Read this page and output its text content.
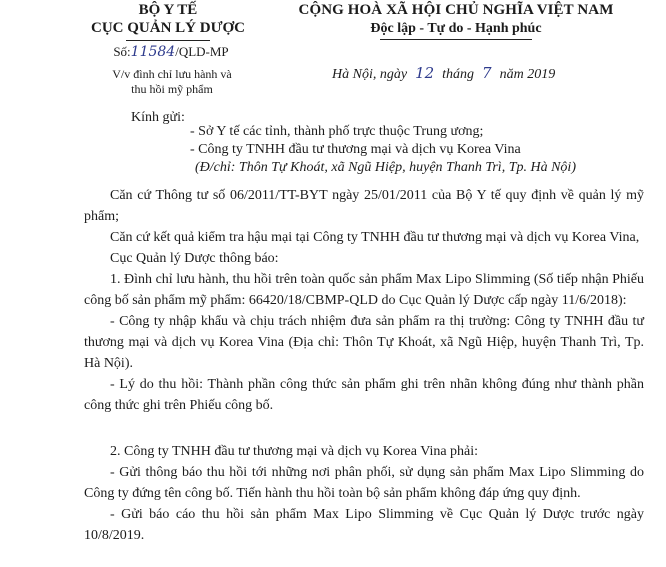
BỘ Y TẾ
CỤC QUẢN LÝ DƯỢC
Số:11584/QLD-MP
V/v đình chỉ lưu hành và
thu hồi mỹ phẩm
CỘNG HOÀ XÃ HỘI CHỦ NGHĨA VIỆT NAM
Độc lập - Tự do - Hạnh phúc
Hà Nội, ngày 12 tháng 7 năm 2019
Kính gửi:
- Sở Y tế các tỉnh, thành phố trực thuộc Trung ương;
- Công ty TNHH đầu tư thương mại và dịch vụ Korea Vina
(Đ/chỉ: Thôn Tự Khoát, xã Ngũ Hiệp, huyện Thanh Trì, Tp. Hà Nội)

Căn cứ Thông tư số 06/2011/TT-BYT ngày 25/01/2011 của Bộ Y tế quy định về quản lý mỹ phẩm;

Căn cứ kết quả kiểm tra hậu mại tại Công ty TNHH đầu tư thương mại và dịch vụ Korea Vina,

Cục Quản lý Dược thông báo:

1. Đình chỉ lưu hành, thu hồi trên toàn quốc sản phẩm Max Lipo Slimming (Số tiếp nhận Phiếu công bố sản phẩm mỹ phẩm: 66420/18/CBMP-QLD do Cục Quản lý Dược cấp ngày 11/6/2018):

- Công ty nhập khẩu và chịu trách nhiệm đưa sản phẩm ra thị trường: Công ty TNHH đầu tư thương mại và dịch vụ Korea Vina (Địa chỉ: Thôn Tự Khoát, xã Ngũ Hiệp, huyện Thanh Trì, Tp. Hà Nội).

- Lý do thu hồi: Thành phần công thức sản phẩm ghi trên nhãn không đúng như thành phần công thức ghi trên Phiếu công bố.

2. Công ty TNHH đầu tư thương mại và dịch vụ Korea Vina phải:

- Gửi thông báo thu hồi tới những nơi phân phối, sử dụng sản phẩm Max Lipo Slimming do Công ty đứng tên công bố. Tiến hành thu hồi toàn bộ sản phẩm không đáp ứng quy định.

- Gửi báo cáo thu hồi sản phẩm Max Lipo Slimming về Cục Quản lý Dược trước ngày 10/8/2019.
